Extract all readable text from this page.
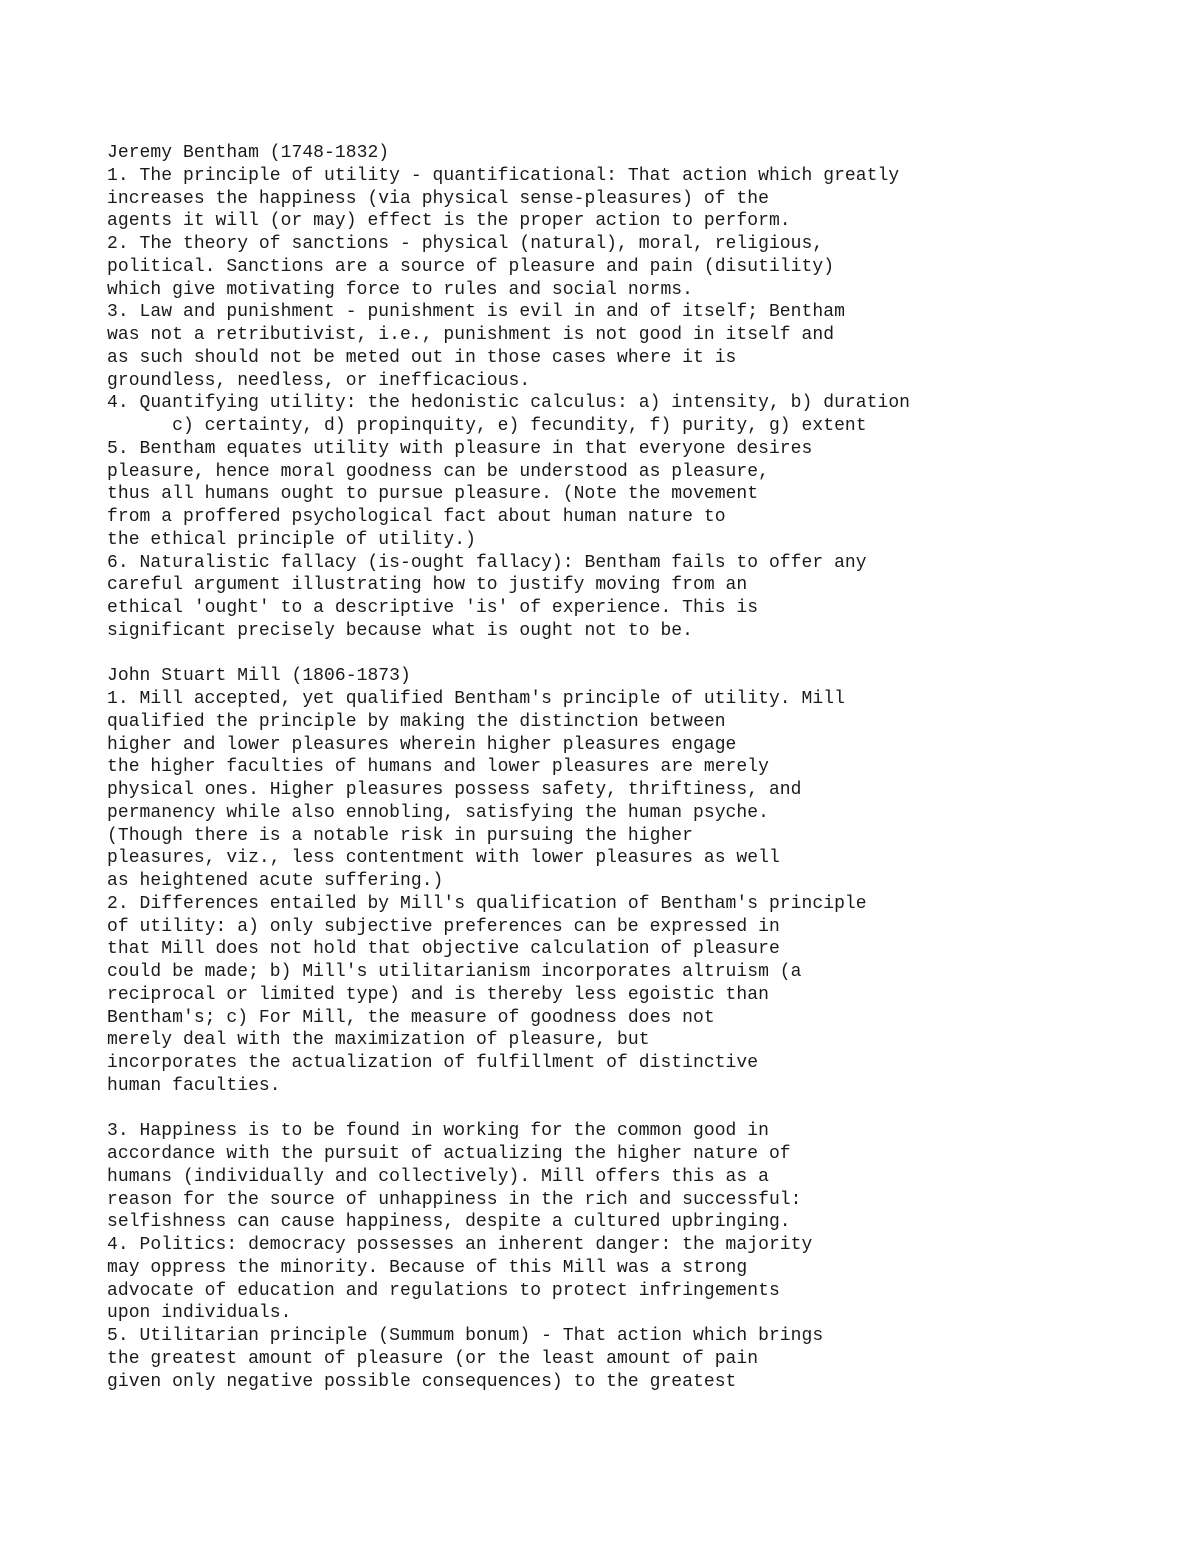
Jeremy Bentham (1748-1832)
1. The principle of utility - quantificational: That action which greatly
increases the happiness (via physical sense-pleasures) of the
agents it will (or may) effect is the proper action to perform.
2. The theory of sanctions - physical (natural), moral, religious,
political. Sanctions are a source of pleasure and pain (disutility)
which give motivating force to rules and social norms.
3. Law and punishment - punishment is evil in and of itself; Bentham
was not a retributivist, i.e., punishment is not good in itself and
as such should not be meted out in those cases where it is
groundless, needless, or inefficacious.
4. Quantifying utility: the hedonistic calculus: a) intensity, b) duration
c) certainty, d) propinquity, e) fecundity, f) purity, g) extent
5. Bentham equates utility with pleasure in that everyone desires
pleasure, hence moral goodness can be understood as pleasure,
thus all humans ought to pursue pleasure. (Note the movement
from a proffered psychological fact about human nature to
the ethical principle of utility.)
6. Naturalistic fallacy (is-ought fallacy): Bentham fails to offer any
careful argument illustrating how to justify moving from an
ethical 'ought' to a descriptive 'is' of experience. This is
significant precisely because what is ought not to be.
John Stuart Mill (1806-1873)
1. Mill accepted, yet qualified Bentham's principle of utility. Mill
qualified the principle by making the distinction between
higher and lower pleasures wherein higher pleasures engage
the higher faculties of humans and lower pleasures are merely
physical ones. Higher pleasures possess safety, thriftiness, and
permanency while also ennobling, satisfying the human psyche.
(Though there is a notable risk in pursuing the higher
pleasures, viz., less contentment with lower pleasures as well
as heightened acute suffering.)
2. Differences entailed by Mill's qualification of Bentham's principle
of utility: a) only subjective preferences can be expressed in
that Mill does not hold that objective calculation of pleasure
could be made; b) Mill's utilitarianism incorporates altruism (a
reciprocal or limited type) and is thereby less egoistic than
Bentham's; c) For Mill, the measure of goodness does not
merely deal with the maximization of pleasure, but
incorporates the actualization of fulfillment of distinctive
human faculties.
3. Happiness is to be found in working for the common good in
accordance with the pursuit of actualizing the higher nature of
humans (individually and collectively). Mill offers this as a
reason for the source of unhappiness in the rich and successful:
selfishness can cause happiness, despite a cultured upbringing.
4. Politics: democracy possesses an inherent danger: the majority
may oppress the minority. Because of this Mill was a strong
advocate of education and regulations to protect infringements
upon individuals.
5. Utilitarian principle (Summum bonum) - That action which brings
the greatest amount of pleasure (or the least amount of pain
given only negative possible consequences) to the greatest
